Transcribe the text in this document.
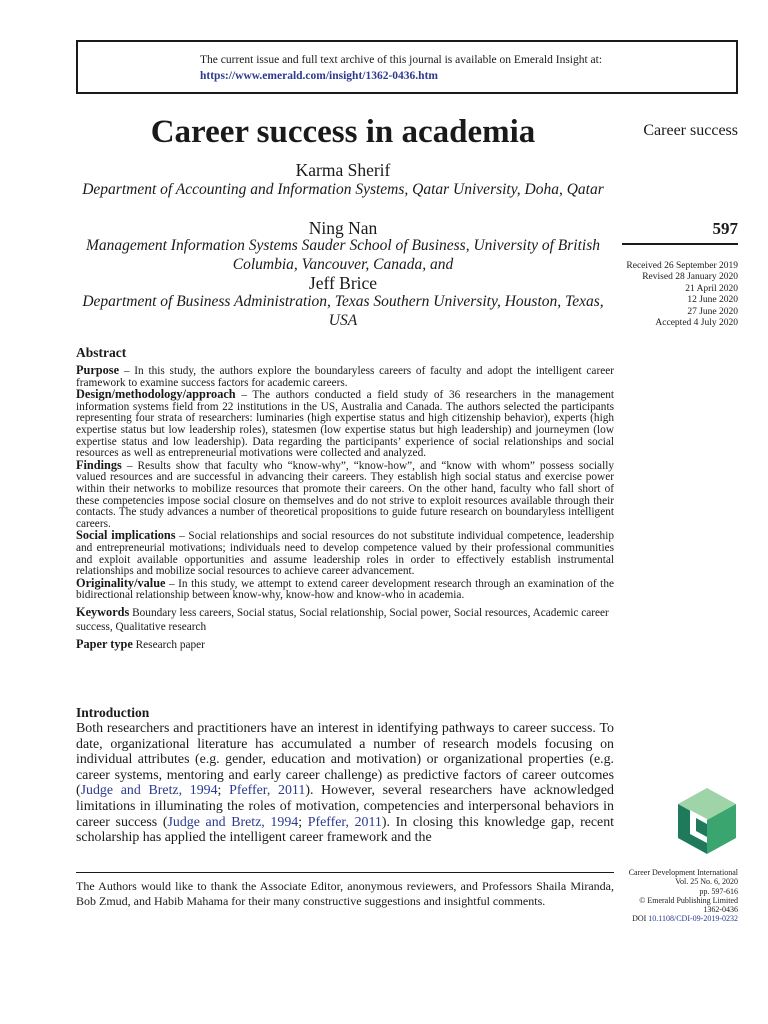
The current issue and full text archive of this journal is available on Emerald Insight at:
https://www.emerald.com/insight/1362-0436.htm
Career success in academia
Karma Sherif
Department of Accounting and Information Systems, Qatar University, Doha, Qatar
Ning Nan
Management Information Systems Sauder School of Business, University of British Columbia, Vancouver, Canada, and
Jeff Brice
Department of Business Administration, Texas Southern University, Houston, Texas, USA
Career success
597
Received 26 September 2019
Revised 28 January 2020
21 April 2020
12 June 2020
27 June 2020
Accepted 4 July 2020
Abstract

Purpose – In this study, the authors explore the boundaryless careers of faculty and adopt the intelligent career framework to examine success factors for academic careers.

Design/methodology/approach – The authors conducted a field study of 36 researchers in the management information systems field from 22 institutions in the US, Australia and Canada. The authors selected the participants representing four strata of researchers: luminaries (high expertise status and high citizenship behavior), experts (high expertise status but low leadership roles), statesmen (low expertise status but high leadership) and journeymen (low expertise status and low leadership). Data regarding the participants’ experience of social relationships and social resources as well as entrepreneurial motivations were collected and analyzed.

Findings – Results show that faculty who “know-why”, “know-how”, and “know with whom” possess socially valued resources and are successful in advancing their careers. They establish high social status and exercise power within their networks to mobilize resources that promote their careers. On the other hand, faculty who fall short of these competencies impose social closure on themselves and do not strive to exploit resources available through their contacts. The study advances a number of theoretical propositions to guide future research on boundaryless intelligent careers.

Social implications – Social relationships and social resources do not substitute individual competence, leadership and entrepreneurial motivations; individuals need to develop competence valued by their professional communities and exploit available opportunities and assume leadership roles in order to effectively establish instrumental relationships and mobilize social resources to achieve career advancement.

Originality/value – In this study, we attempt to extend career development research through an examination of the bidirectional relationship between know-why, know-how and know-who in academia.

Keywords Boundary less careers, Social status, Social relationship, Social power, Social resources, Academic career success, Qualitative research

Paper type Research paper

Introduction

Both researchers and practitioners have an interest in identifying pathways to career success. To date, organizational literature has accumulated a number of research models focusing on individual attributes (e.g. gender, education and motivation) or organizational properties (e.g. career systems, mentoring and early career challenge) as predictive factors of career outcomes (Judge and Bretz, 1994; Pfeffer, 2011). However, several researchers have acknowledged limitations in illuminating the roles of motivation, competencies and interpersonal behaviors in career success (Judge and Bretz, 1994; Pfeffer, 2011). In closing this knowledge gap, recent scholarship has applied the intelligent career framework and the

The Authors would like to thank the Associate Editor, anonymous reviewers, and Professors Shaila Miranda, Bob Zmud, and Habib Mahama for their many constructive suggestions and insightful comments.

Career Development International
Vol. 25 No. 6, 2020
pp. 597-616
© Emerald Publishing Limited
1362-0436
DOI 10.1108/CDI-09-2019-0232
